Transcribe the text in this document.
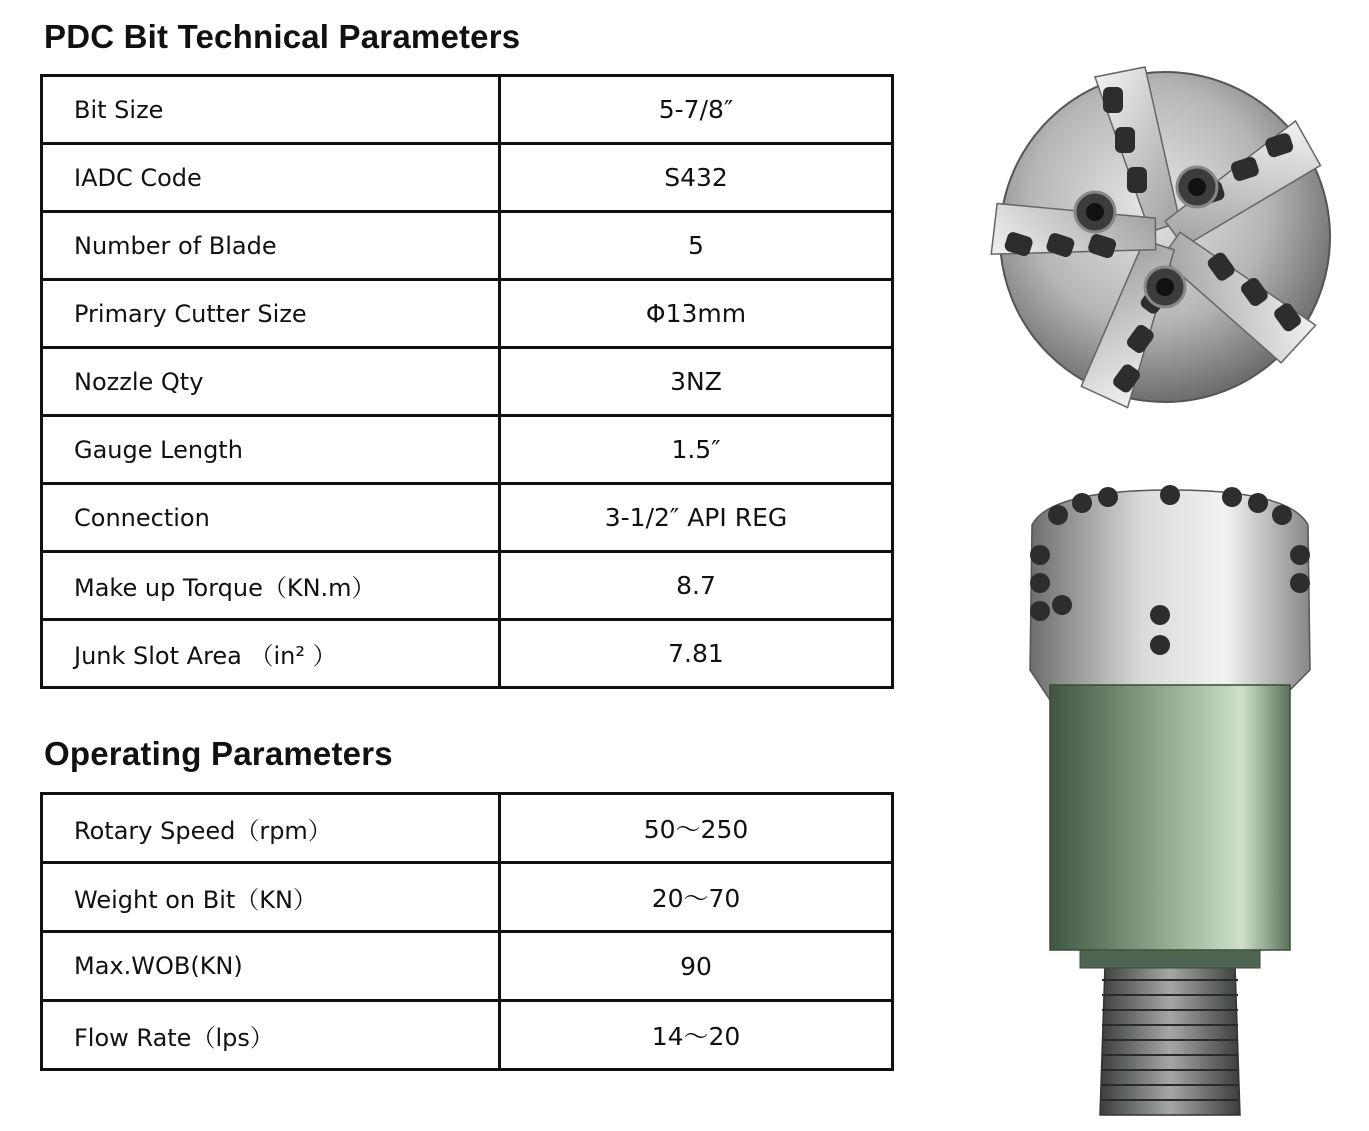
PDC Bit Technical Parameters
Bit Size	5-7/8″
IADC Code	S432
Number of Blade	5
Primary Cutter Size	Φ13mm
Nozzle Qty	3NZ
Gauge Length	1.5″
Connection	3-1/2″ API REG
Make up Torque（KN.m）	8.7
Junk Slot Area （in² ）	7.81
Operating Parameters
Rotary Speed（rpm）	50～250
Weight on Bit（KN）	20～70
Max.WOB(KN)	90
Flow Rate（lps）	14～20
